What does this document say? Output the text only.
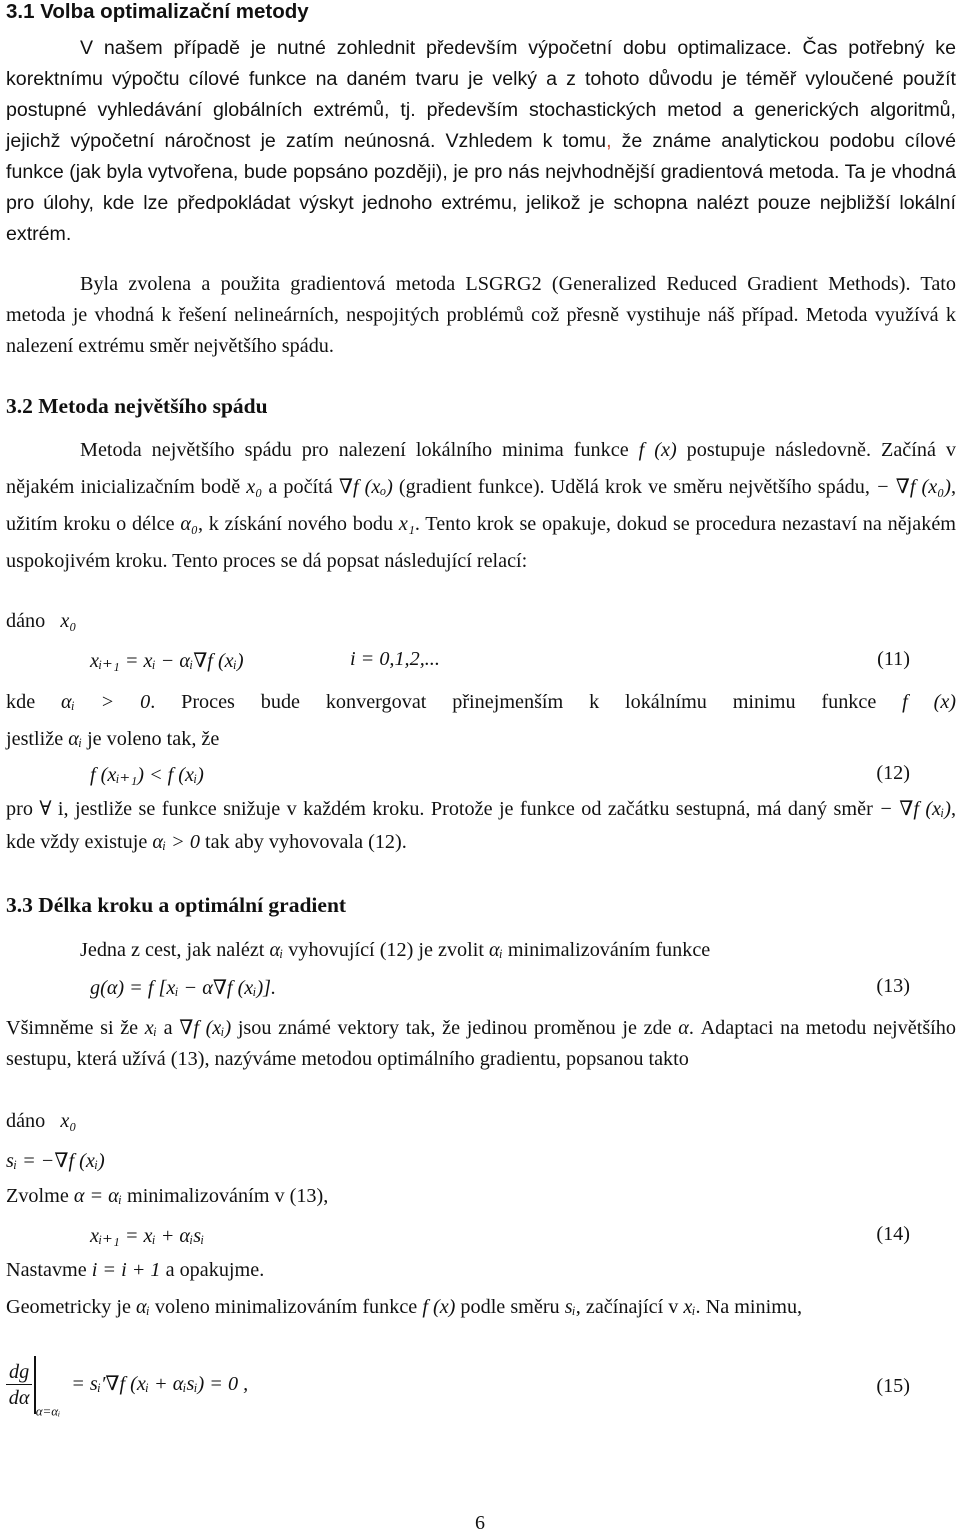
3.1 Volba optimalizační metody

V našem případě je nutné zohlednit především výpočetní dobu optimalizace. Čas potřebný ke korektnímu výpočtu cílové funkce na daném tvaru je velký a z tohoto důvodu je téměř vyloučené použít postupné vyhledávání globálních extrémů, tj. především stochastických metod a generických algoritmů, jejichž výpočetní náročnost je zatím neúnosná. Vzhledem k tomu, že známe analytickou podobu cílové funkce (jak byla vytvořena, bude popsáno později), je pro nás nejvhodnější gradientová metoda. Ta je vhodná pro úlohy, kde lze předpokládat výskyt jednoho extrému, jelikož je schopna nalézt pouze nejbližší lokální extrém.

Byla zvolena a použita gradientová metoda LSGRG2 (Generalized Reduced Gradient Methods). Tato metoda je vhodná k řešení nelineárních, nespojitých problémů což přesně vystihuje náš případ. Metoda využívá k nalezení extrému směr největšího spádu.

3.2 Metoda největšího spádu

Metoda největšího spádu pro nalezení lokálního minima funkce f (x) postupuje následovně. Začíná v nějakém inicializačním bodě x₀ a počítá ∇f (xₒ) (gradient funkce). Udělá krok ve směru největšího spádu, − ∇f (x₀), užitím kroku o délce α₀, k získání nového bodu x₁. Tento krok se opakuje, dokud se procedura nezastaví na nějakém uspokojivém kroku. Tento proces se dá popsat následující relací:

dáno x₀
xᵢ₊₁ = xᵢ − αᵢ∇f (xᵢ)	i = 0,1,2,...	(11)
kde αᵢ > 0. Proces bude konvergovat přinejmenším k lokálnímu minimu funkce f (x)
jestliže αᵢ je voleno tak, že
f (xᵢ₊₁) < f (xᵢ)	(12)
pro ∀ i, jestliže se funkce snižuje v každém kroku. Protože je funkce od začátku sestupná, má daný směr − ∇f (xᵢ), kde vždy existuje αᵢ > 0 tak aby vyhovovala (12).
3.3 Délka kroku a optimální gradient

Jedna z cest, jak nalézt αᵢ vyhovující (12) je zvolit αᵢ minimalizováním funkce

g(α) = f [xᵢ − α∇f (xᵢ)].	(13)
Všimněme si že xᵢ a ∇f (xᵢ) jsou známé vektory tak, že jedinou proměnou je zde α. Adaptaci na metodu největšího sestupu, která užívá (13), nazýváme metodou optimálního gradientu, popsanou takto
dáno x₀
sᵢ = −∇f (xᵢ)
Zvolme α = αᵢ minimalizováním v (13),
xᵢ₊₁ = xᵢ + αᵢsᵢ	(14)
Nastavme i = i + 1 a opakujme.
Geometricky je αᵢ voleno minimalizováním funkce f (x) podle směru sᵢ, začínající v xᵢ. Na minimu,
$\frac{dg}{d\alpha}$
$_{\alpha=\alpha ᵢ}$ = sᵢ′∇f (xᵢ + αᵢsᵢ) = 0 ,	(15)
6
